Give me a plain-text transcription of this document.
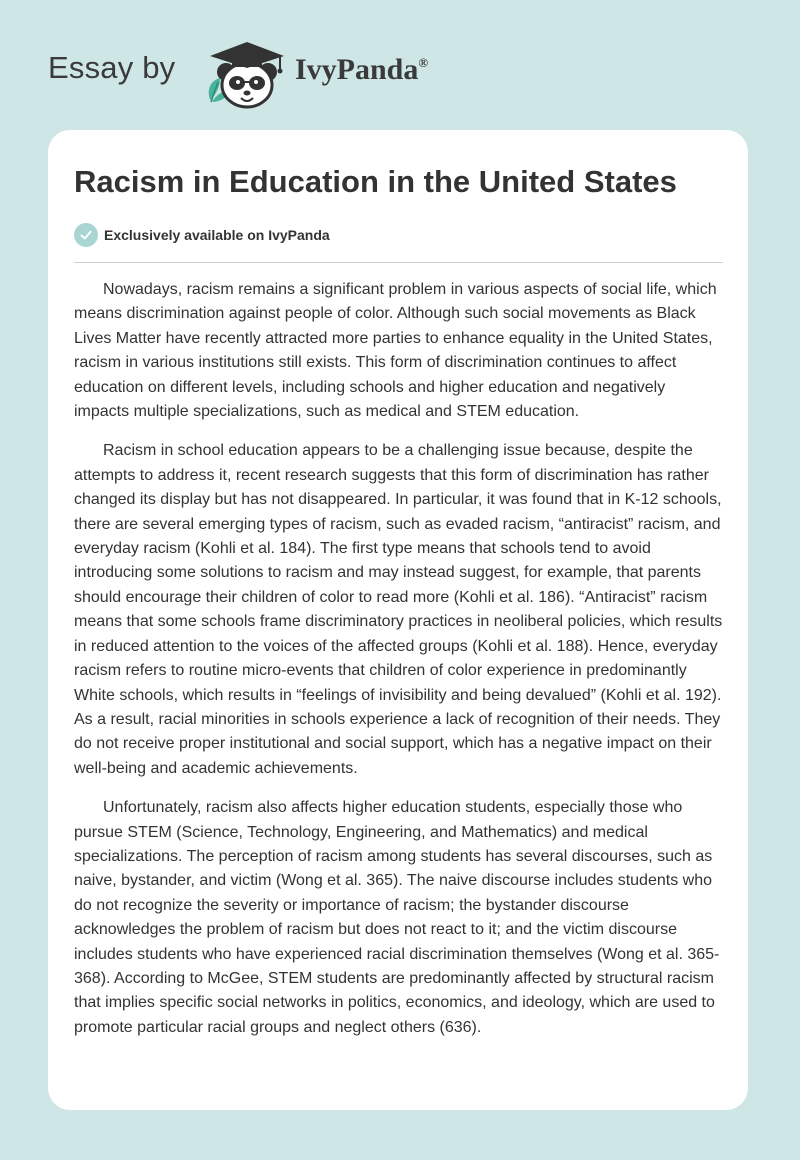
Essay by	IvyPanda®
Racism in Education in the United States
Exclusively available on IvyPanda

Nowadays, racism remains a significant problem in various aspects of social life, which means discrimination against people of color. Although such social movements as Black Lives Matter have recently attracted more parties to enhance equality in the United States, racism in various institutions still exists. This form of discrimination continues to affect education on different levels, including schools and higher education and negatively impacts multiple specializations, such as medical and STEM education.

Racism in school education appears to be a challenging issue because, despite the attempts to address it, recent research suggests that this form of discrimination has rather changed its display but has not disappeared. In particular, it was found that in K-12 schools, there are several emerging types of racism, such as evaded racism, “antiracist” racism, and everyday racism (Kohli et al. 184). The first type means that schools tend to avoid introducing some solutions to racism and may instead suggest, for example, that parents should encourage their children of color to read more (Kohli et al. 186). “Antiracist” racism means that some schools frame discriminatory practices in neoliberal policies, which results in reduced attention to the voices of the affected groups (Kohli et al. 188). Hence, everyday racism refers to routine micro-events that children of color experience in predominantly White schools, which results in “feelings of invisibility and being devalued” (Kohli et al. 192). As a result, racial minorities in schools experience a lack of recognition of their needs. They do not receive proper institutional and social support, which has a negative impact on their well-being and academic achievements.

Unfortunately, racism also affects higher education students, especially those who pursue STEM (Science, Technology, Engineering, and Mathematics) and medical specializations. The perception of racism among students has several discourses, such as naive, bystander, and victim (Wong et al. 365). The naive discourse includes students who do not recognize the severity or importance of racism; the bystander discourse acknowledges the problem of racism but does not react to it; and the victim discourse includes students who have experienced racial discrimination themselves (Wong et al. 365-368). According to McGee, STEM students are predominantly affected by structural racism that implies specific social networks in politics, economics, and ideology, which are used to promote particular racial groups and neglect others (636).
